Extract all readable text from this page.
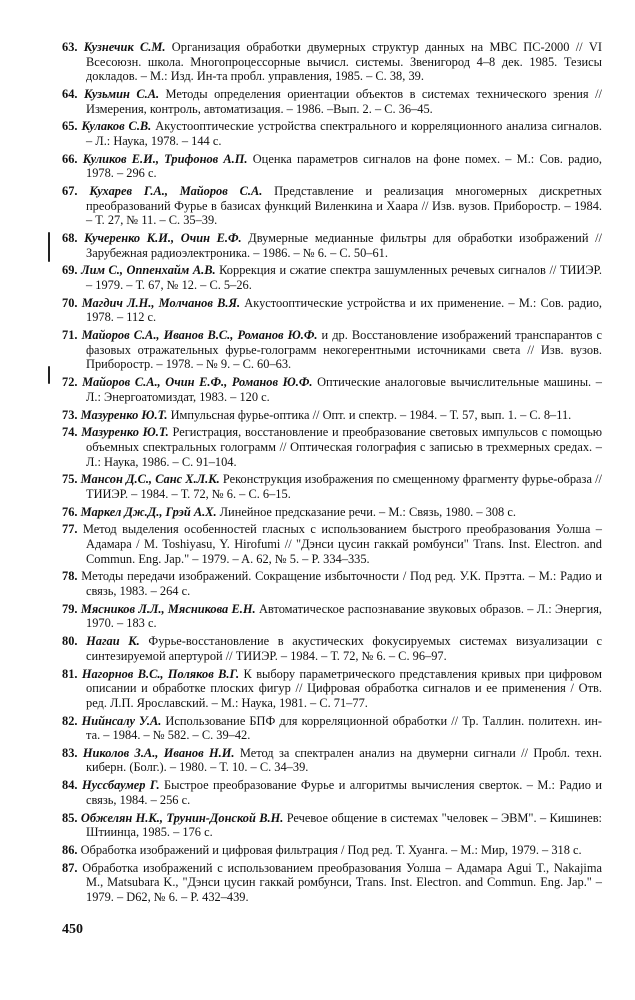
63. Кузнечик С.М. Организация обработки двумерных структур данных на МВС ПС-2000 // VI Всесоюзн. школа. Многопроцессорные вычисл. системы. Звенигород 4–8 дек. 1985. Тезисы докладов. – М.: Изд. Ин-та пробл. управления, 1985. – С. 38, 39.
64. Кузьмин С.А. Методы определения ориентации объектов в системах технического зрения // Измерения, контроль, автоматизация. – 1986. –Вып. 2. – С. 36–45.
65. Кулаков С.В. Акустооптические устройства спектрального и корреляционного анализа сигналов. – Л.: Наука, 1978. – 144 с.
66. Куликов Е.И., Трифонов А.П. Оценка параметров сигналов на фоне помех. – М.: Сов. радио, 1978. – 296 с.
67. Кухарев Г.А., Майоров С.А. Представление и реализация многомерных дискретных преобразований Фурье в базисах функций Виленкина и Хаара // Изв. вузов. Приборостр. – 1984. – Т. 27, № 11. – С. 35–39.
68. Кучеренко К.И., Очин Е.Ф. Двумерные медианные фильтры для обработки изображений // Зарубежная радиоэлектроника. – 1986. – № 6. – С. 50–61.
69. Лим С., Оппенхайм А.В. Коррекция и сжатие спектра зашумленных речевых сигналов // ТИИЭР. – 1979. – Т. 67, № 12. – С. 5–26.
70. Магдич Л.Н., Молчанов В.Я. Акустооптические устройства и их применение. – М.: Сов. радио, 1978. – 112 с.
71. Майоров С.А., Иванов В.С., Романов Ю.Ф. и др. Восстановление изображений транспарантов с фазовых отражательных фурье-голограмм некогерентными источниками света // Изв. вузов. Приборостр. – 1978. – № 9. – С. 60–63.
72. Майоров С.А., Очин Е.Ф., Романов Ю.Ф. Оптические аналоговые вычислительные машины. – Л.: Энергоатомиздат, 1983. – 120 с.
73. Мазуренко Ю.Т. Импульсная фурье-оптика // Опт. и спектр. – 1984. – Т. 57, вып. 1. – С. 8–11.
74. Мазуренко Ю.Т. Регистрация, восстановление и преобразование световых импульсов с помощью объемных спектральных голограмм // Оптическая голография с записью в трехмерных средах. – Л.: Наука, 1986. – С. 91–104.
75. Мансон Д.С., Санс Х.Л.К. Реконструкция изображения по смещенному фрагменту фурье-образа // ТИИЭР. – 1984. – Т. 72, № 6. – С. 6–15.
76. Маркел Дж.Д., Грэй А.Х. Линейное предсказание речи. – М.: Связь, 1980. – 308 с.
77. Метод выделения особенностей гласных с использованием быстрого преобразования Уолша – Адамара / M. Toshiyasu, Y. Hirofumi // "Дэнси цусин гаккай ромбунси" Trans. Inst. Electron. and Commun. Eng. Jap." – 1979. – A. 62, № 5. – P. 334–335.
78. Методы передачи изображений. Сокращение избыточности / Под ред. У.К. Прэтта. – М.: Радио и связь, 1983. – 264 с.
79. Мясников Л.Л., Мясникова Е.Н. Автоматическое распознавание звуковых образов. – Л.: Энергия, 1970. – 183 с.
80. Нагаи К. Фурье-восстановление в акустических фокусируемых системах визуализации с синтезируемой апертурой // ТИИЭР. – 1984. – Т. 72, № 6. – С. 96–97.
81. Нагорнов В.С., Поляков В.Г. К выбору параметрического представления кривых при цифровом описании и обработке плоских фигур // Цифровая обработка сигналов и ее применения / Отв. ред. Л.П. Ярославский. – М.: Наука, 1981. – С. 71–77.
82. Нийнсалу У.А. Использование БПФ для корреляционной обработки // Тр. Таллин. политехн. ин-та. – 1984. – № 582. – С. 39–42.
83. Николов З.А., Иванов Н.И. Метод за спектрален анализ на двумерни сигнали // Пробл. техн. киберн. (Болг.). – 1980. – Т. 10. – С. 34–39.
84. Нуссбаумер Г. Быстрое преобразование Фурье и алгоритмы вычисления сверток. – М.: Радио и связь, 1984. – 256 с.
85. Обжелян Н.К., Трунин-Донской В.Н. Речевое общение в системах "человек – ЭВМ". – Кишинев: Штиинца, 1985. – 176 с.
86. Обработка изображений и цифровая фильтрация / Под ред. Т. Хуанга. – М.: Мир, 1979. – 318 с.
87. Обработка изображений с использованием преобразования Уолша – Адамара Agui T., Nakajima M., Matsubara K., "Дэнси цусин гаккай ромбунси, Trans. Inst. Electron. and Commun. Eng. Jap." – 1979. – D62, № 6. – P. 432–439.
450
